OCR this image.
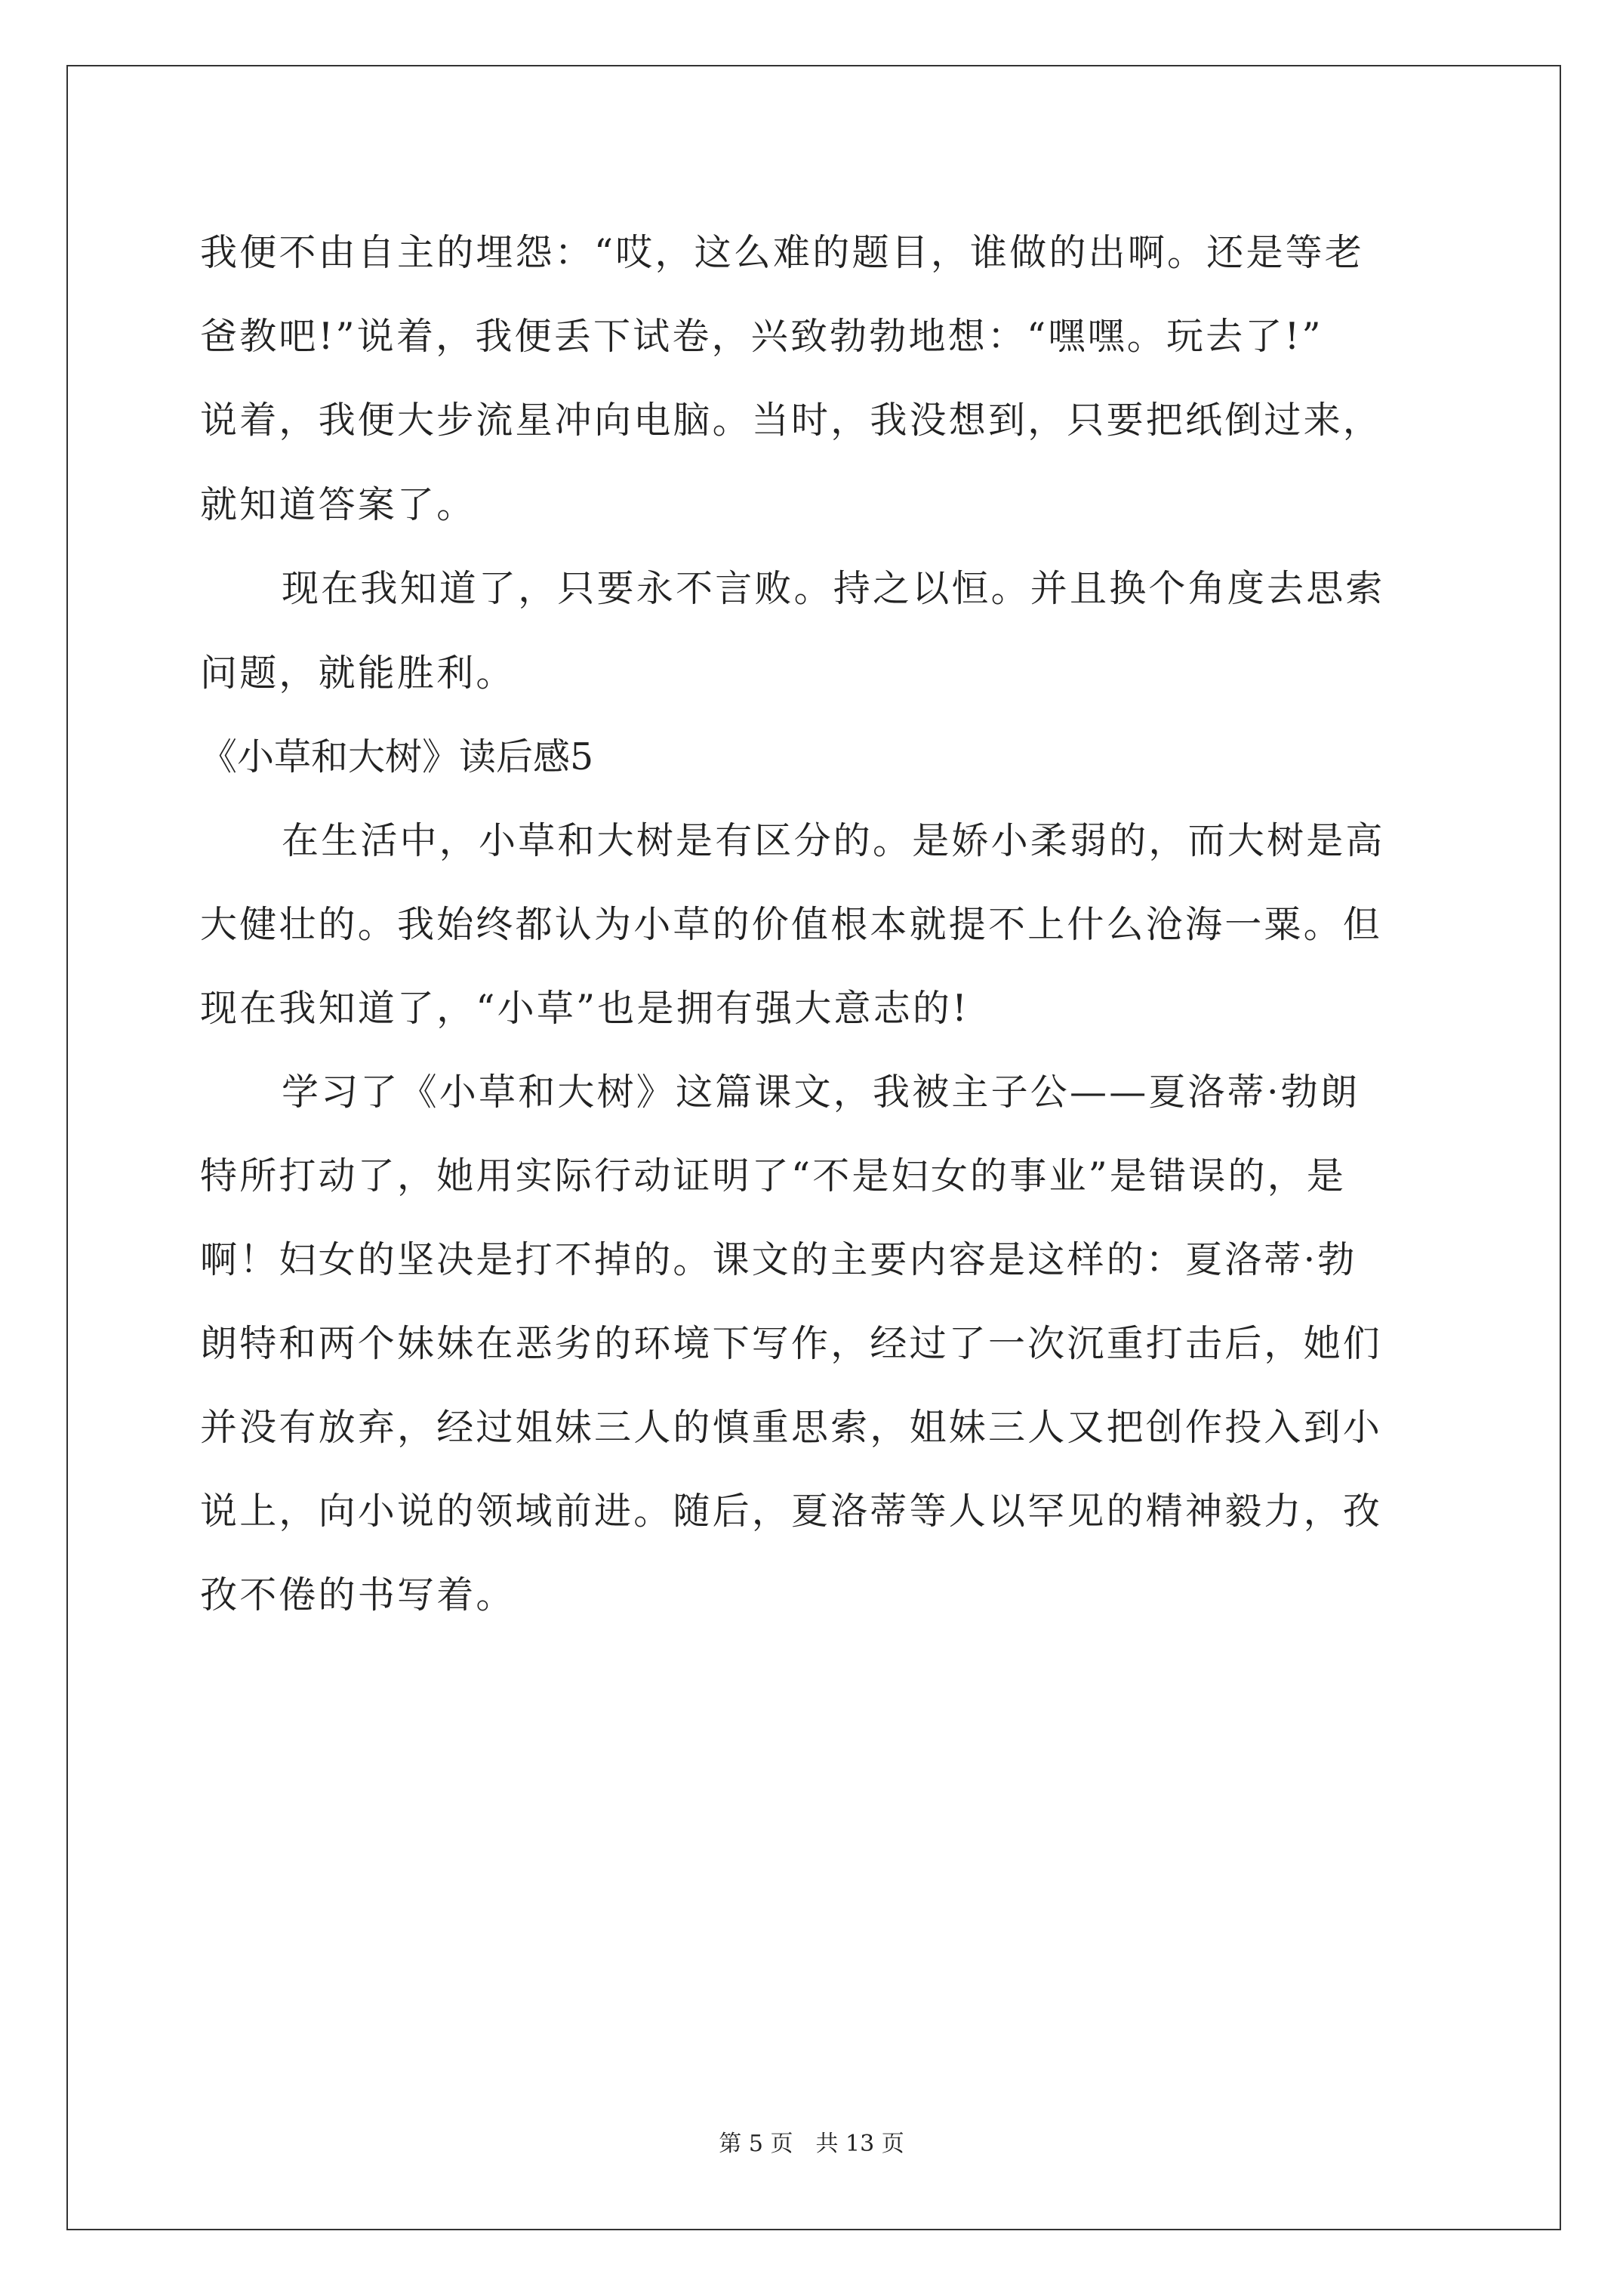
我便不由自主的埋怨：“哎，这么难的题目，谁做的出啊。还是等老
爸教吧!”说着，我便丢下试卷，兴致勃勃地想：“嘿嘿。玩去了!”
说着，我便大步流星冲向电脑。当时，我没想到，只要把纸倒过来，
就知道答案了。
现在我知道了，只要永不言败。持之以恒。并且换个角度去思索
问题，就能胜利。
《小草和大树》读后感5
在生活中，小草和大树是有区分的。是娇小柔弱的，而大树是高
大健壮的。我始终都认为小草的价值根本就提不上什么沧海一粟。但
现在我知道了，“小草”也是拥有强大意志的!
学习了《小草和大树》这篇课文，我被主子公——夏洛蒂·勃朗
特所打动了，她用实际行动证明了“不是妇女的事业”是错误的，是
啊！妇女的坚决是打不掉的。课文的主要内容是这样的：夏洛蒂·勃
朗特和两个妹妹在恶劣的环境下写作，经过了一次沉重打击后，她们
并没有放弃，经过姐妹三人的慎重思索，姐妹三人又把创作投入到小
说上，向小说的领域前进。随后，夏洛蒂等人以罕见的精神毅力，孜
孜不倦的书写着。
第 5 页　共 13 页
